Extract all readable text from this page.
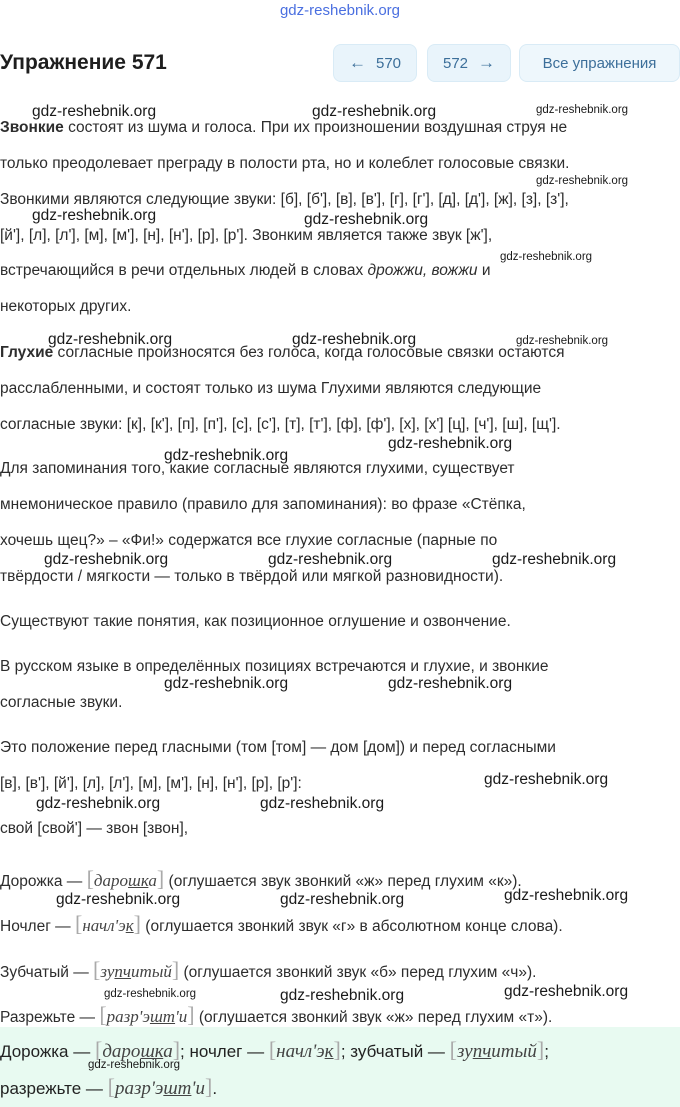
gdz-reshebnik.org
Упражнение 571	← 570	572 →	Все упражнения
Звонкие состоят из шума и голоса. При их произношении воздушная струя не
только преодолевает преграду в полости рта, но и колеблет голосовые связки.
Звонкими являются следующие звуки: [б], [б'], [в], [в'], [г], [г'], [д], [д'], [ж], [з], [з'],
[й'], [л], [л'], [м], [м'], [н], [н'], [р], [р']. Звонким является также звук [ж'],
встречающийся в речи отдельных людей в словах дрожжи, вожжи и
некоторых других.
Глухие согласные произносятся без голоса, когда голосовые связки остаются
расслабленными, и состоят только из шума Глухими являются следующие
согласные звуки: [к], [к'], [п], [п'], [с], [с'], [т], [т'], [ф], [ф'], [х], [х'] [ц], [ч'], [ш], [щ'].
Для запоминания того, какие согласные являются глухими, существует
мнемоническое правило (правило для запоминания): во фразе «Стёпка,
хочешь щец?» – «Фи!» содержатся все глухие согласные (парные по
твёрдости / мягкости — только в твёрдой или мягкой разновидности).
Существуют такие понятия, как позиционное оглушение и озвончение.
В русском языке в определённых позициях встречаются и глухие, и звонкие
согласные звуки.
Это положение перед гласными (том [том] — дом [дом]) и перед согласными
[в], [в'], [й'], [л], [л'], [м], [м'], [н], [н'], [р], [р']:
свой [свой'] — звон [звон],
Дорожка — [дарошка] (оглушается звук звонкий «ж» перед глухим «к»).
Ночлег — [начл'эк] (оглушается звонкий звук «г» в абсолютном конце слова).
Зубчатый — [зупчитый] (оглушается звонкий звук «б» перед глухим «ч»).
Разрежьте — [разр'эшт'и] (оглушается звонкий звук «ж» перед глухим «т»).
Дорожка — [дарошка]; ночлег — [начл'эк]; зубчатый — [зупчитый];
разрежьте — [разр'эшт'и].
gdz-reshebnik.org	gdz-reshebnik.org	gdz-reshebnik.org
gdz-reshebnik.org
gdz-reshebnik.org	gdz-reshebnik.org
gdz-reshebnik.org
gdz-reshebnik.org	gdz-reshebnik.org	gdz-reshebnik.org
gdz-reshebnik.org
gdz-reshebnik.org
gdz-reshebnik.org	gdz-reshebnik.org	gdz-reshebnik.org
gdz-reshebnik.org	gdz-reshebnik.org
gdz-reshebnik.org
gdz-reshebnik.org	gdz-reshebnik.org
gdz-reshebnik.org	gdz-reshebnik.org	gdz-reshebnik.org
gdz-reshebnik.org	gdz-reshebnik.org	gdz-reshebnik.org
gdz-reshebnik.org
